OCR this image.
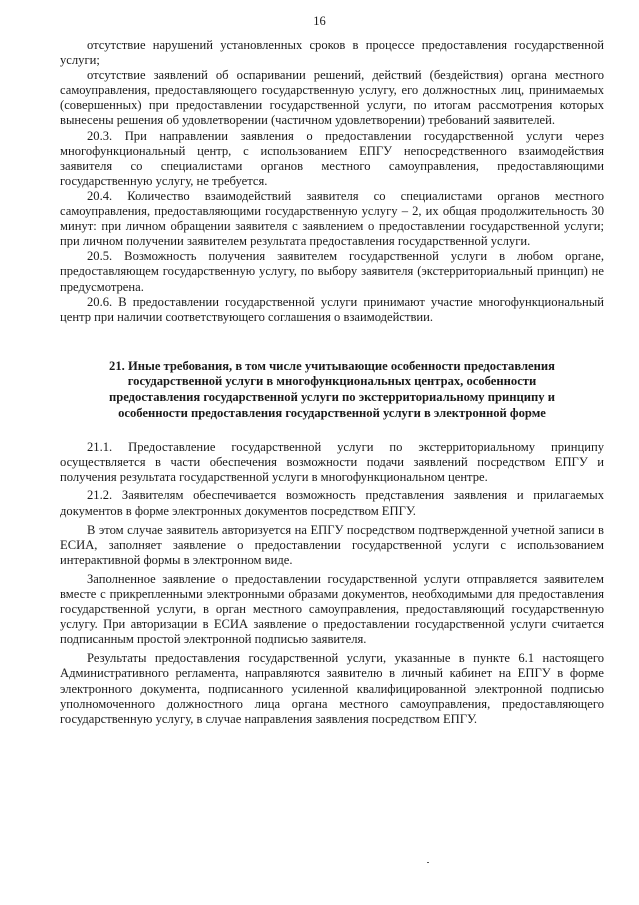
16

отсутствие нарушений установленных сроков в процессе предоставления государственной услуги;

отсутствие заявлений об оспаривании решений, действий (бездействия) органа местного самоуправления, предоставляющего государственную услугу, его должностных лиц, принимаемых (совершенных) при предоставлении государственной услуги, по итогам рассмотрения которых вынесены решения об удовлетворении (частичном удовлетворении) требований заявителей.

20.3. При направлении заявления о предоставлении государственной услуги через многофункциональный центр, с использованием ЕПГУ непосредственного взаимодействия заявителя со специалистами органов местного самоуправления, предоставляющими государственную услугу, не требуется.

20.4. Количество взаимодействий заявителя со специалистами органов местного самоуправления, предоставляющими государственную услугу – 2, их общая продолжительность 30 минут: при личном обращении заявителя с заявлением о предоставлении государственной услуги; при личном получении заявителем результата предоставления государственной услуги.

20.5. Возможность получения заявителем государственной услуги в любом органе, предоставляющем государственную услугу, по выбору заявителя (экстерриториальный принцип) не предусмотрена.

20.6. В предоставлении государственной услуги принимают участие многофункциональный центр при наличии соответствующего соглашения о взаимодействии.

21. Иные требования, в том числе учитывающие особенности предоставления государственной услуги в многофункциональных центрах, особенности предоставления государственной услуги по экстерриториальному принципу и особенности предоставления государственной услуги в электронной форме

21.1. Предоставление государственной услуги по экстерриториальному принципу осуществляется в части обеспечения возможности подачи заявлений посредством ЕПГУ и получения результата государственной услуги в многофункциональном центре.

21.2. Заявителям обеспечивается возможность представления заявления и прилагаемых документов в форме электронных документов посредством ЕПГУ.

В этом случае заявитель авторизуется на ЕПГУ посредством подтвержденной учетной записи в ЕСИА, заполняет заявление о предоставлении государственной услуги с использованием интерактивной формы в электронном виде.

Заполненное заявление о предоставлении государственной услуги отправляется заявителем вместе с прикрепленными электронными образами документов, необходимыми для предоставления государственной услуги, в орган местного самоуправления, предоставляющий государственную услугу. При авторизации в ЕСИА заявление о предоставлении государственной услуги считается подписанным простой электронной подписью заявителя.

Результаты предоставления государственной услуги, указанные в пункте 6.1 настоящего Административного регламента, направляются заявителю в личный кабинет на ЕПГУ в форме электронного документа, подписанного усиленной квалифицированной электронной подписью уполномоченного должностного лица органа местного самоуправления, предоставляющего государственную услугу, в случае направления заявления посредством ЕПГУ.
